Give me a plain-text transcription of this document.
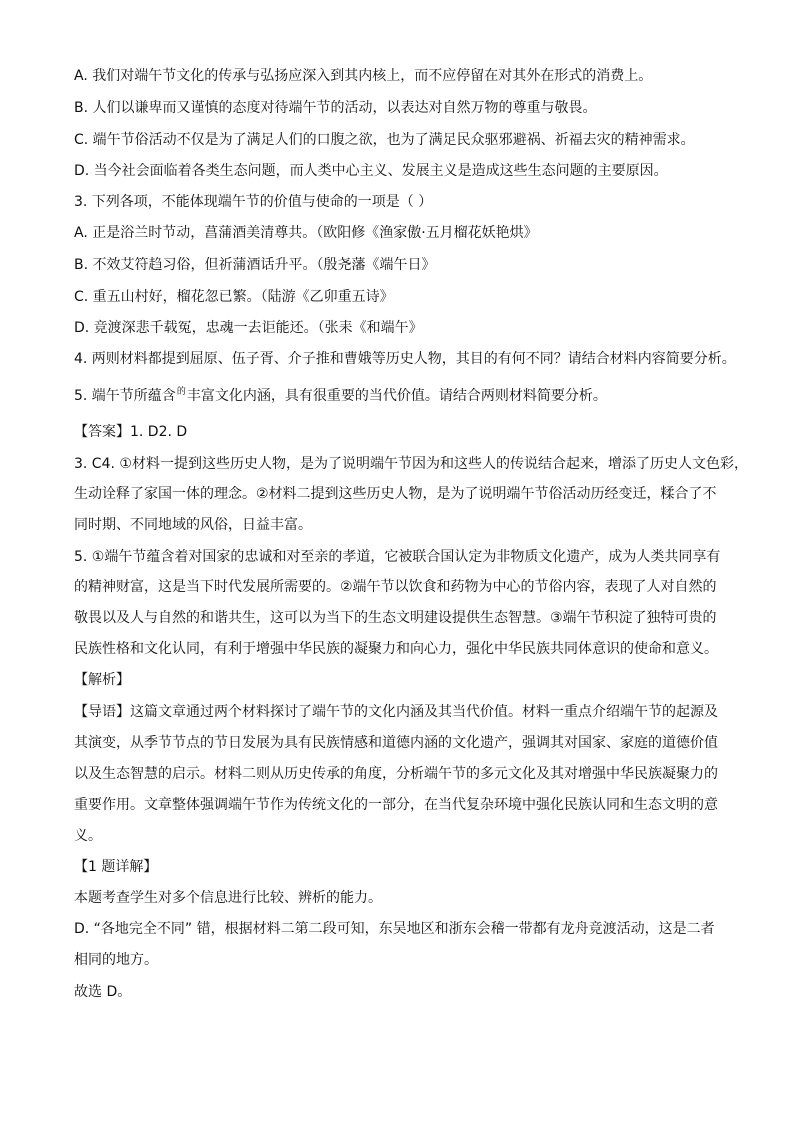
A. 我们对端午节文化的传承与弘扬应深入到其内核上，而不应停留在对其外在形式的消费上。
B. 人们以谦卑而又谨慎的态度对待端午节的活动，以表达对自然万物的尊重与敬畏。
C. 端午节俗活动不仅是为了满足人们的口腹之欲，也为了满足民众驱邪避祸、祈福去灾的精神需求。
D. 当今社会面临着各类生态问题，而人类中心主义、发展主义是造成这些生态问题的主要原因。
3. 下列各项，不能体现端午节的价值与使命的一项是（ ）
A. 正是浴兰时节动，菖蒲酒美清尊共。（欧阳修《渔家傲·五月榴花妖艳烘》
B. 不效艾符趋习俗，但祈蒲酒话升平。（殷尧藩《端午日》
C. 重五山村好，榴花忽已繁。（陆游《乙卯重五诗》
D. 竞渡深悲千载冤，忠魂一去讵能还。（张耒《和端午》
4. 两则材料都提到屈原、伍子胥、介子推和曹娥等历史人物，其目的有何不同？请结合材料内容简要分析。
5. 端午节所蕴含$^的$丰富文化内涵，具有很重要的当代价值。请结合两则材料简要分析。
【答案】1. D2. D
3. C4. ①材料一提到这些历史人物，是为了说明端午节因为和这些人的传说结合起来，增添了历史人文色彩，
生动诠释了家国一体的理念。②材料二提到这些历史人物，是为了说明端午节俗活动历经变迁，糅合了不
同时期、不同地域的风俗，日益丰富。
5. ①端午节蕴含着对国家的忠诚和对至亲的孝道，它被联合国认定为非物质文化遗产，成为人类共同享有
的精神财富，这是当下时代发展所需要的。②端午节以饮食和药物为中心的节俗内容，表现了人对自然的
敬畏以及人与自然的和谐共生，这可以为当下的生态文明建设提供生态智慧。③端午节积淀了独特可贵的
民族性格和文化认同，有利于增强中华民族的凝聚力和向心力，强化中华民族共同体意识的使命和意义。
【解析】
【导语】这篇文章通过两个材料探讨了端午节的文化内涵及其当代价值。材料一重点介绍端午节的起源及
其演变，从季节节点的节日发展为具有民族情感和道德内涵的文化遗产，强调其对国家、家庭的道德价值
以及生态智慧的启示。材料二则从历史传承的角度，分析端午节的多元文化及其对增强中华民族凝聚力的
重要作用。文章整体强调端午节作为传统文化的一部分，在当代复杂环境中强化民族认同和生态文明的意
义。
【1 题详解】
本题考查学生对多个信息进行比较、辨析的能力。
D. “各地完全不同” 错，根据材料二第二段可知，东吴地区和浙东会稽一带都有龙舟竞渡活动，这是二者
相同的地方。
故选 D。
